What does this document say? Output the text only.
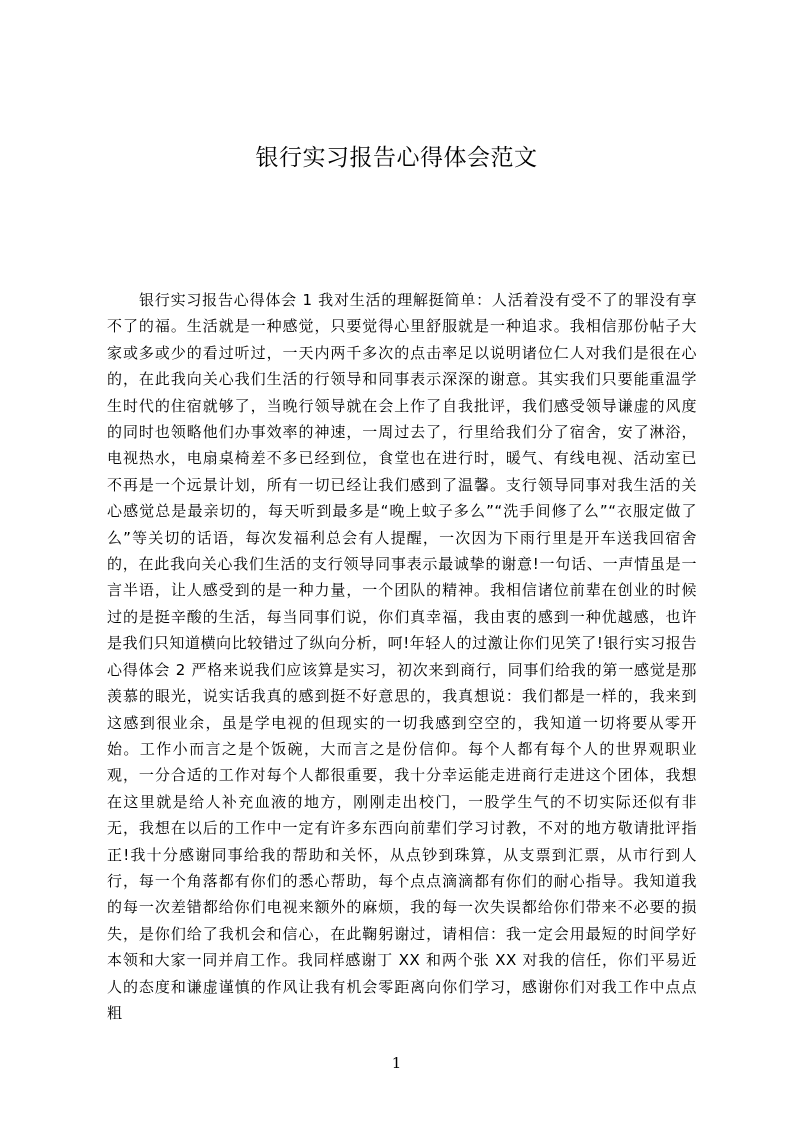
银行实习报告心得体会范文

银行实习报告心得体会 1 我对生活的理解挺简单：人活着没有受不了的罪没有享不了的福。生活就是一种感觉，只要觉得心里舒服就是一种追求。我相信那份帖子大家或多或少的看过听过，一天内两千多次的点击率足以说明诸位仁人对我们是很在心的，在此我向关心我们生活的行领导和同事表示深深的谢意。其实我们只要能重温学生时代的住宿就够了，当晚行领导就在会上作了自我批评，我们感受领导谦虚的风度的同时也领略他们办事效率的神速，一周过去了，行里给我们分了宿舍，安了淋浴，电视热水，电扇桌椅差不多已经到位，食堂也在进行时，暖气、有线电视、活动室已不再是一个远景计划，所有一切已经让我们感到了温馨。支行领导同事对我生活的关心感觉总是最亲切的，每天听到最多是“晚上蚊子多么”“洗手间修了么”“衣服定做了么”等关切的话语，每次发福利总会有人提醒，一次因为下雨行里是开车送我回宿舍的，在此我向关心我们生活的支行领导同事表示最诚挚的谢意!一句话、一声情虽是一言半语，让人感受到的是一种力量，一个团队的精神。我相信诸位前辈在创业的时候过的是挺辛酸的生活，每当同事们说，你们真幸福，我由衷的感到一种优越感，也许是我们只知道横向比较错过了纵向分析，呵!年轻人的过激让你们见笑了!银行实习报告心得体会 2 严格来说我们应该算是实习，初次来到商行，同事们给我的第一感觉是那羡慕的眼光，说实话我真的感到挺不好意思的，我真想说：我们都是一样的，我来到这感到很业余，虽是学电视的但现实的一切我感到空空的，我知道一切将要从零开始。工作小而言之是个饭碗，大而言之是份信仰。每个人都有每个人的世界观职业观，一分合适的工作对每个人都很重要，我十分幸运能走进商行走进这个团体，我想在这里就是给人补充血液的地方，刚刚走出校门，一股学生气的不切实际还似有非无，我想在以后的工作中一定有许多东西向前辈们学习讨教，不对的地方敬请批评指正!我十分感谢同事给我的帮助和关怀，从点钞到珠算，从支票到汇票，从市行到人行，每一个角落都有你们的悉心帮助，每个点点滴滴都有你们的耐心指导。我知道我的每一次差错都给你们电视来额外的麻烦，我的每一次失误都给你们带来不必要的损失，是你们给了我机会和信心，在此鞠躬谢过，请相信：我一定会用最短的时间学好本领和大家一同并肩工作。我同样感谢丁 XX 和两个张 XX 对我的信任，你们平易近人的态度和谦虚谨慎的作风让我有机会零距离向你们学习，感谢你们对我工作中点点粗

1
